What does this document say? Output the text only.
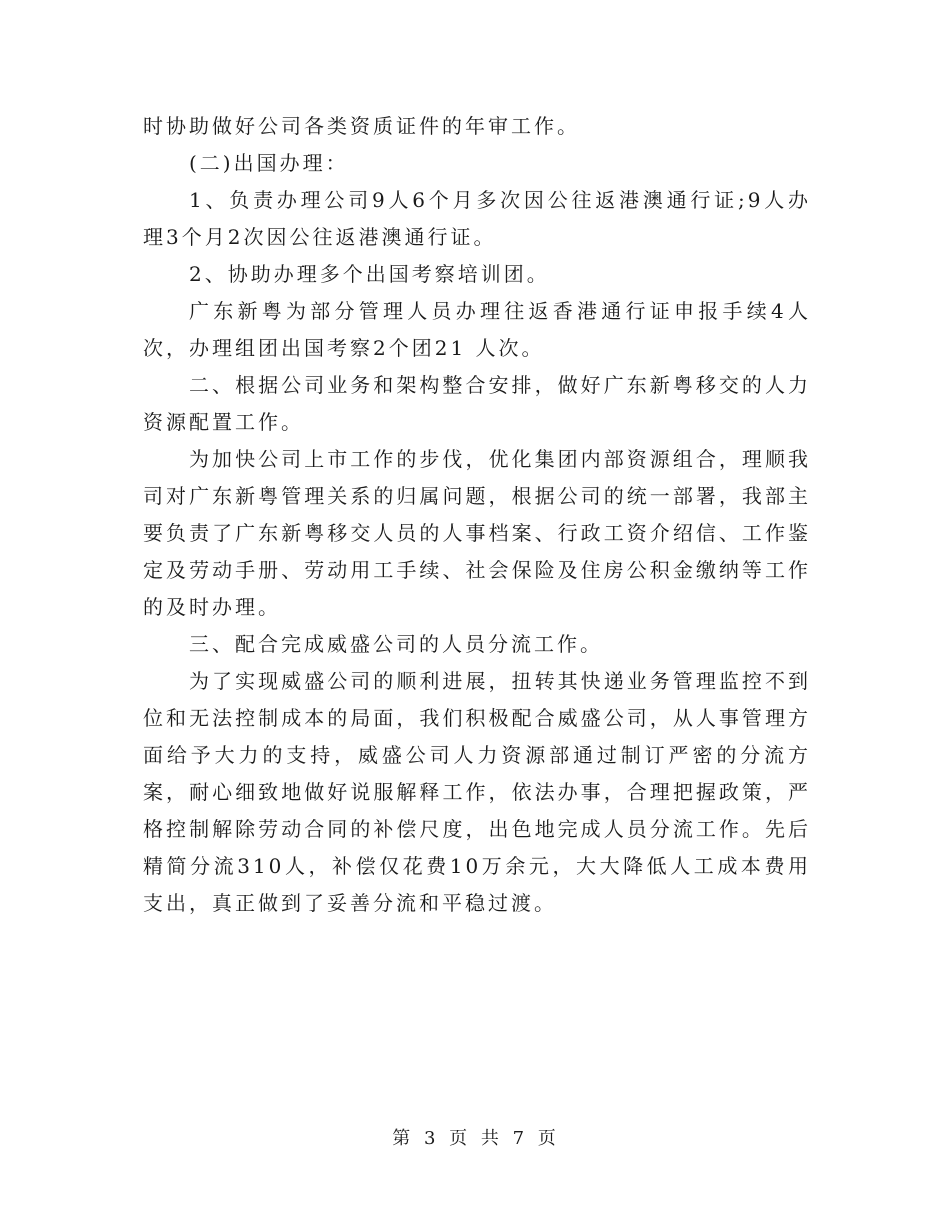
时协助做好公司各类资质证件的年审工作。

(二)出国办理：

1、负责办理公司9人6个月多次因公往返港澳通行证;9人办理3个月2次因公往返港澳通行证。

2、协助办理多个出国考察培训团。

广东新粤为部分管理人员办理往返香港通行证申报手续4人次，办理组团出国考察2个团21 人次。

二、根据公司业务和架构整合安排，做好广东新粤移交的人力资源配置工作。

为加快公司上市工作的步伐，优化集团内部资源组合，理顺我司对广东新粤管理关系的归属问题，根据公司的统一部署，我部主要负责了广东新粤移交人员的人事档案、行政工资介绍信、工作鉴定及劳动手册、劳动用工手续、社会保险及住房公积金缴纳等工作的及时办理。

三、配合完成威盛公司的人员分流工作。

为了实现威盛公司的顺利进展，扭转其快递业务管理监控不到位和无法控制成本的局面，我们积极配合威盛公司，从人事管理方面给予大力的支持，威盛公司人力资源部通过制订严密的分流方案，耐心细致地做好说服解释工作，依法办事，合理把握政策，严格控制解除劳动合同的补偿尺度，出色地完成人员分流工作。先后精简分流310人，补偿仅花费10万余元，大大降低人工成本费用支出，真正做到了妥善分流和平稳过渡。

第 3 页 共 7 页
